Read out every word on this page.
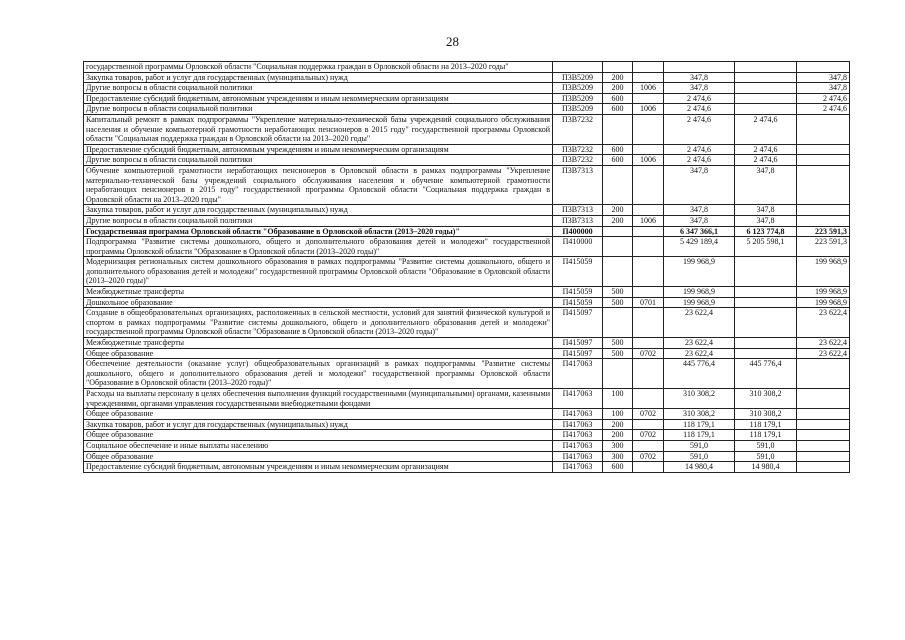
28
государственной программы Орловской области "Социальная поддержка граждан в Орловской области на 2013–2020 годы"						
Закупка товаров, работ и услуг для государственных (муниципальных) нужд	П3В5209	200		347,8		347,8
Другие вопросы в области социальной политики	П3В5209	200	1006	347,8		347,8
Предоставление субсидий бюджетным, автономным учреждениям и иным некоммерческим организациям	П3В5209	600		2 474,6		2 474,6
Другие вопросы в области социальной политики	П3В5209	600	1006	2 474,6		2 474,6
Капитальный ремонт в рамках подпрограммы "Укрепление материально-технической базы учреждений социального обслуживания населения и обучение компьютерной грамотности неработающих пенсионеров в 2015 году" государственной программы Орловской области "Социальная поддержка граждан в Орловской области на 2013–2020 годы"	П3В7232			2 474,6	2 474,6	
Предоставление субсидий бюджетным, автономным учреждениям и иным некоммерческим организациям	П3В7232	600		2 474,6	2 474,6	
Другие вопросы в области социальной политики	П3В7232	600	1006	2 474,6	2 474,6	
Обучение компьютерной грамотности неработающих пенсионеров в Орловской области в рамках подпрограммы "Укрепление материально-технической базы учреждений социального обслуживания населения и обучение компьютерной грамотности неработающих пенсионеров в 2015 году" государственной программы Орловской области "Социальная поддержка граждан в Орловской области на 2013–2020 годы"	П3В7313			347,8	347,8	
Закупка товаров, работ и услуг для государственных (муниципальных) нужд	П3В7313	200		347,8	347,8	
Другие вопросы в области социальной политики	П3В7313	200	1006	347,8	347,8	
Государственная программа Орловской области "Образование в Орловской области (2013–2020 годы)"	П400000			6 347 366,1	6 123 774,8	223 591,3
Подпрограмма "Развитие системы дошкольного, общего и дополнительного образования детей и молодежи" государственной программы Орловской области "Образование в Орловской области (2013–2020 годы)"	П410000			5 429 189,4	5 205 598,1	223 591,3
Модернизация региональных систем дошкольного образования в рамках подпрограммы "Развитие системы дошкольного, общего и дополнительного образования детей и молодежи" государственной программы Орловской области "Образование в Орловской области (2013–2020 годы)"	П415059			199 968,9		199 968,9
Межбюджетные трансферты	П415059	500		199 968,9		199 968,9
Дошкольное образование	П415059	500	0701	199 968,9		199 968,9
Создание в общеобразовательных организациях, расположенных в сельской местности, условий для занятий физической культурой и спортом в рамках подпрограммы "Развитие системы дошкольного, общего и дополнительного образования детей и молодежи" государственной программы Орловской области "Образование в Орловской области (2013–2020 годы)"	П415097			23 622,4		23 622,4
Межбюджетные трансферты	П415097	500		23 622,4		23 622,4
Общее образование	П415097	500	0702	23 622,4		23 622,4
Обеспечение деятельности (оказание услуг) общеобразовательных организаций в рамках подпрограммы "Развитие системы дошкольного, общего и дополнительного образования детей и молодежи" государственной программы Орловской области "Образование в Орловской области (2013–2020 годы)"	П417063			445 776,4	445 776,4	
Расходы на выплаты персоналу в целях обеспечения выполнения функций государственными (муниципальными) органами, казенными учреждениями, органами управления государственными внебюджетными фондами	П417063	100		310 308,2	310 308,2	
Общее образование	П417063	100	0702	310 308,2	310 308,2	
Закупка товаров, работ и услуг для государственных (муниципальных) нужд	П417063	200		118 179,1	118 179,1	
Общее образование	П417063	200	0702	118 179,1	118 179,1	
Социальное обеспечение и иные выплаты населению	П417063	300		591,0	591,0	
Общее образование	П417063	300	0702	591,0	591,0	
Предоставление субсидий бюджетным, автономным учреждениям и иным некоммерческим организациям	П417063	600		14 980,4	14 980,4	
